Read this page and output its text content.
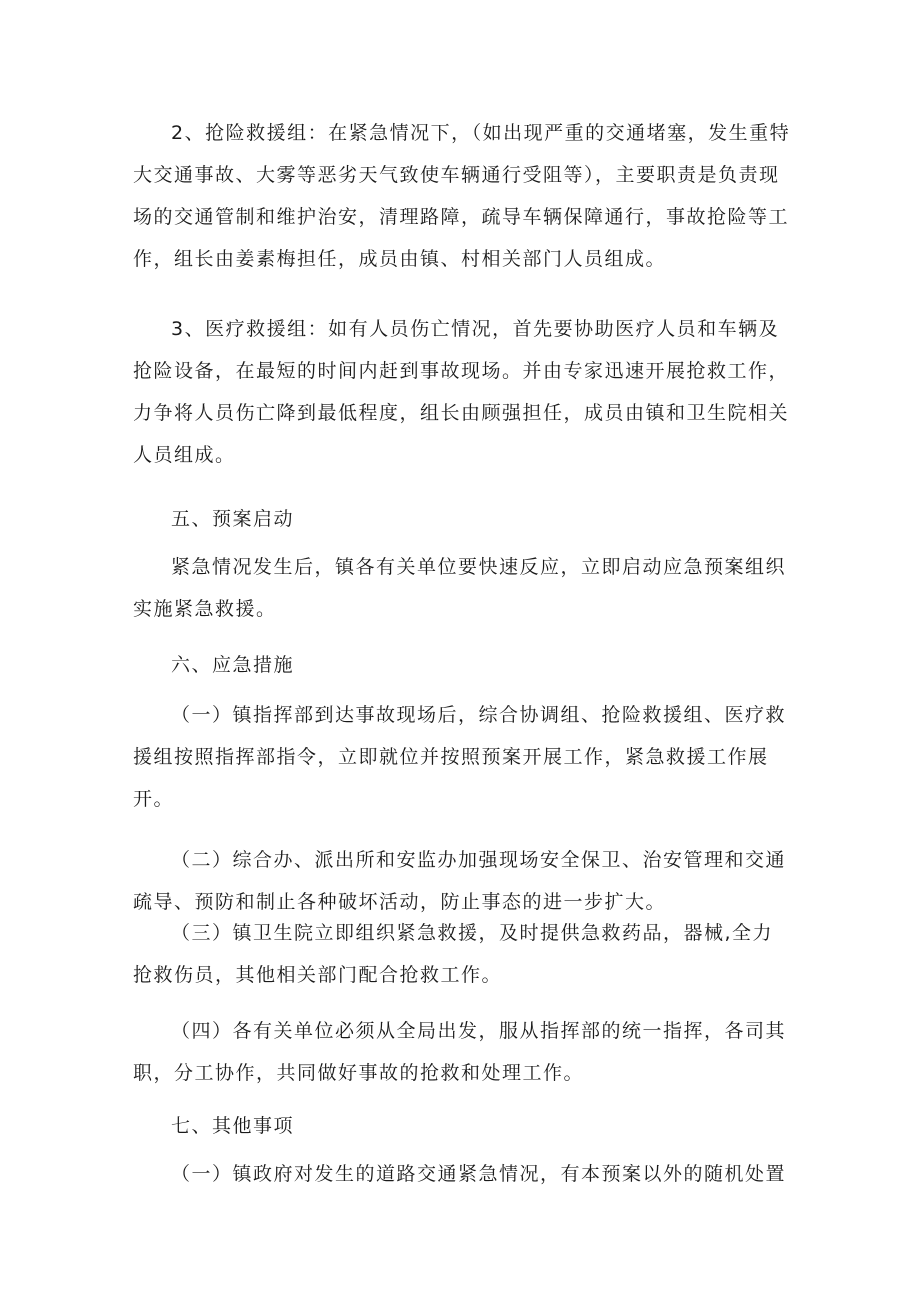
2、抢险救援组：在紧急情况下，（如出现严重的交通堵塞，发生重特大交通事故、大雾等恶劣天气致使车辆通行受阻等），主要职责是负责现场的交通管制和维护治安，清理路障，疏导车辆保障通行，事故抢险等工作，组长由姜素梅担任，成员由镇、村相关部门人员组成。

3、医疗救援组：如有人员伤亡情况，首先要协助医疗人员和车辆及抢险设备，在最短的时间内赶到事故现场。并由专家迅速开展抢救工作，力争将人员伤亡降到最低程度，组长由顾强担任，成员由镇和卫生院相关人员组成。

五、预案启动

紧急情况发生后，镇各有关单位要快速反应，立即启动应急预案组织实施紧急救援。

六、应急措施

（一）镇指挥部到达事故现场后，综合协调组、抢险救援组、医疗救援组按照指挥部指令，立即就位并按照预案开展工作，紧急救援工作展开。

（二）综合办、派出所和安监办加强现场安全保卫、治安管理和交通疏导、预防和制止各种破坏活动，防止事态的进一步扩大。

（三）镇卫生院立即组织紧急救援，及时提供急救药品，器械,全力抢救伤员，其他相关部门配合抢救工作。

（四）各有关单位必须从全局出发，服从指挥部的统一指挥，各司其职，分工协作，共同做好事故的抢救和处理工作。

七、其他事项

（一）镇政府对发生的道路交通紧急情况，有本预案以外的随机处置
